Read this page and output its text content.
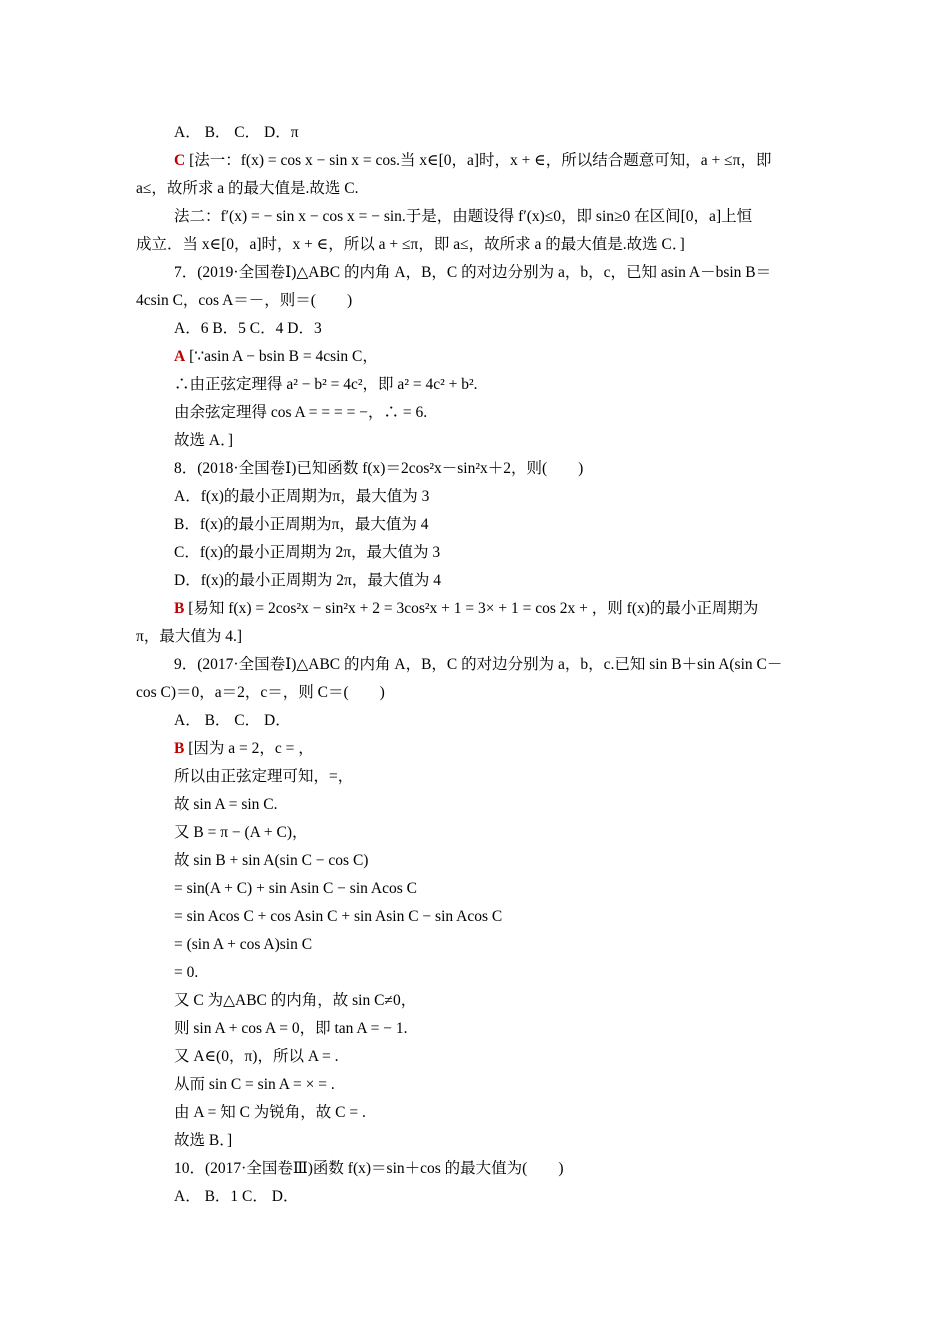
A． B． C． D．π
C [法一：f(x) = cos x − sin x = cos.当 x∈[0，a]时，x + ∈，所以结合题意可知，a + ≤π，即
a≤，故所求 a 的最大值是.故选 C.
法二：f′(x) = − sin x − cos x = − sin.于是，由题设得 f′(x)≤0，即 sin≥0 在区间[0，a]上恒
成立．当 x∈[0，a]时，x + ∈，所以 a + ≤π，即 a≤，故所求 a 的最大值是.故选 C．]
7．(2019·全国卷Ⅰ)△ABC 的内角 A，B，C 的对边分别为 a，b，c，已知 asin A－bsin B＝
4csin C，cos A＝－，则＝(　　)
A．6 B．5 C．4 D．3
A [∵asin A − bsin B = 4csin C，
∴由正弦定理得 a² − b² = 4c²，即 a² = 4c² + b².
由余弦定理得 cos A = = = = −，∴ = 6.
故选 A．]
8．(2018·全国卷Ⅰ)已知函数 f(x)＝2cos²x－sin²x＋2，则(　　)
A．f(x)的最小正周期为π，最大值为 3
B．f(x)的最小正周期为π，最大值为 4
C．f(x)的最小正周期为 2π，最大值为 3
D．f(x)的最小正周期为 2π，最大值为 4
B [易知 f(x) = 2cos²x − sin²x + 2 = 3cos²x + 1 = 3× + 1 = cos 2x + ，则 f(x)的最小正周期为
π，最大值为 4.]
9．(2017·全国卷Ⅰ)△ABC 的内角 A，B，C 的对边分别为 a，b，c.已知 sin B＋sin A(sin C－
cos C)＝0，a＝2，c＝，则 C＝(　　)
A． B． C． D．
B [因为 a = 2，c = ，
所以由正弦定理可知，=，
故 sin A = sin C.
又 B = π − (A + C)，
故 sin B + sin A(sin C − cos C)
= sin(A + C) + sin Asin C − sin Acos C
= sin Acos C + cos Asin C + sin Asin C − sin Acos C
= (sin A + cos A)sin C
= 0.
又 C 为△ABC 的内角，故 sin C≠0，
则 sin A + cos A = 0，即 tan A = − 1.
又 A∈(0，π)，所以 A = .
从而 sin C = sin A = × = .
由 A = 知 C 为锐角，故 C = .
故选 B．]
10．(2017·全国卷Ⅲ)函数 f(x)＝sin＋cos 的最大值为(　　)
A． B．1 C． D．
